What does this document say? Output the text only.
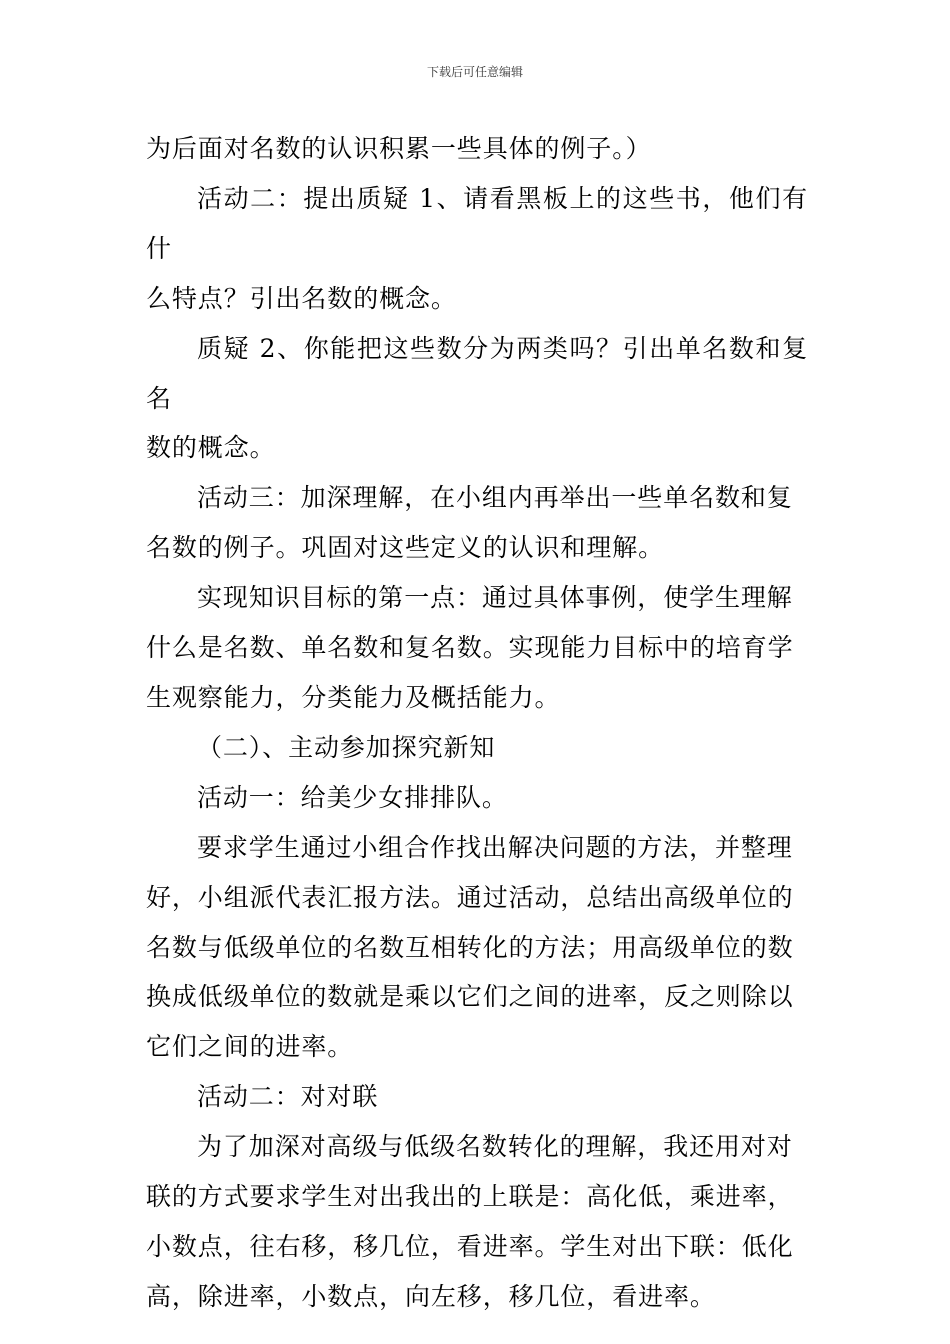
下载后可任意编辑

为后面对名数的认识积累一些具体的例子。）

活动二：提出质疑 1、请看黑板上的这些书，他们有什
么特点？引出名数的概念。

质疑 2、你能把这些数分为两类吗？引出单名数和复名
数的概念。

活动三：加深理解，在小组内再举出一些单名数和复
名数的例子。巩固对这些定义的认识和理解。

实现知识目标的第一点：通过具体事例，使学生理解
什么是名数、单名数和复名数。实现能力目标中的培育学
生观察能力，分类能力及概括能力。

（二）、主动参加探究新知

活动一：给美少女排排队。

要求学生通过小组合作找出解决问题的方法，并整理
好，小组派代表汇报方法。通过活动，总结出高级单位的
名数与低级单位的名数互相转化的方法；用高级单位的数
换成低级单位的数就是乘以它们之间的进率，反之则除以
它们之间的进率。

活动二：对对联

为了加深对高级与低级名数转化的理解，我还用对对
联的方式要求学生对出我出的上联是：高化低，乘进率，
小数点，往右移，移几位，看进率。学生对出下联：低化
高，除进率，小数点，向左移，移几位，看进率。
